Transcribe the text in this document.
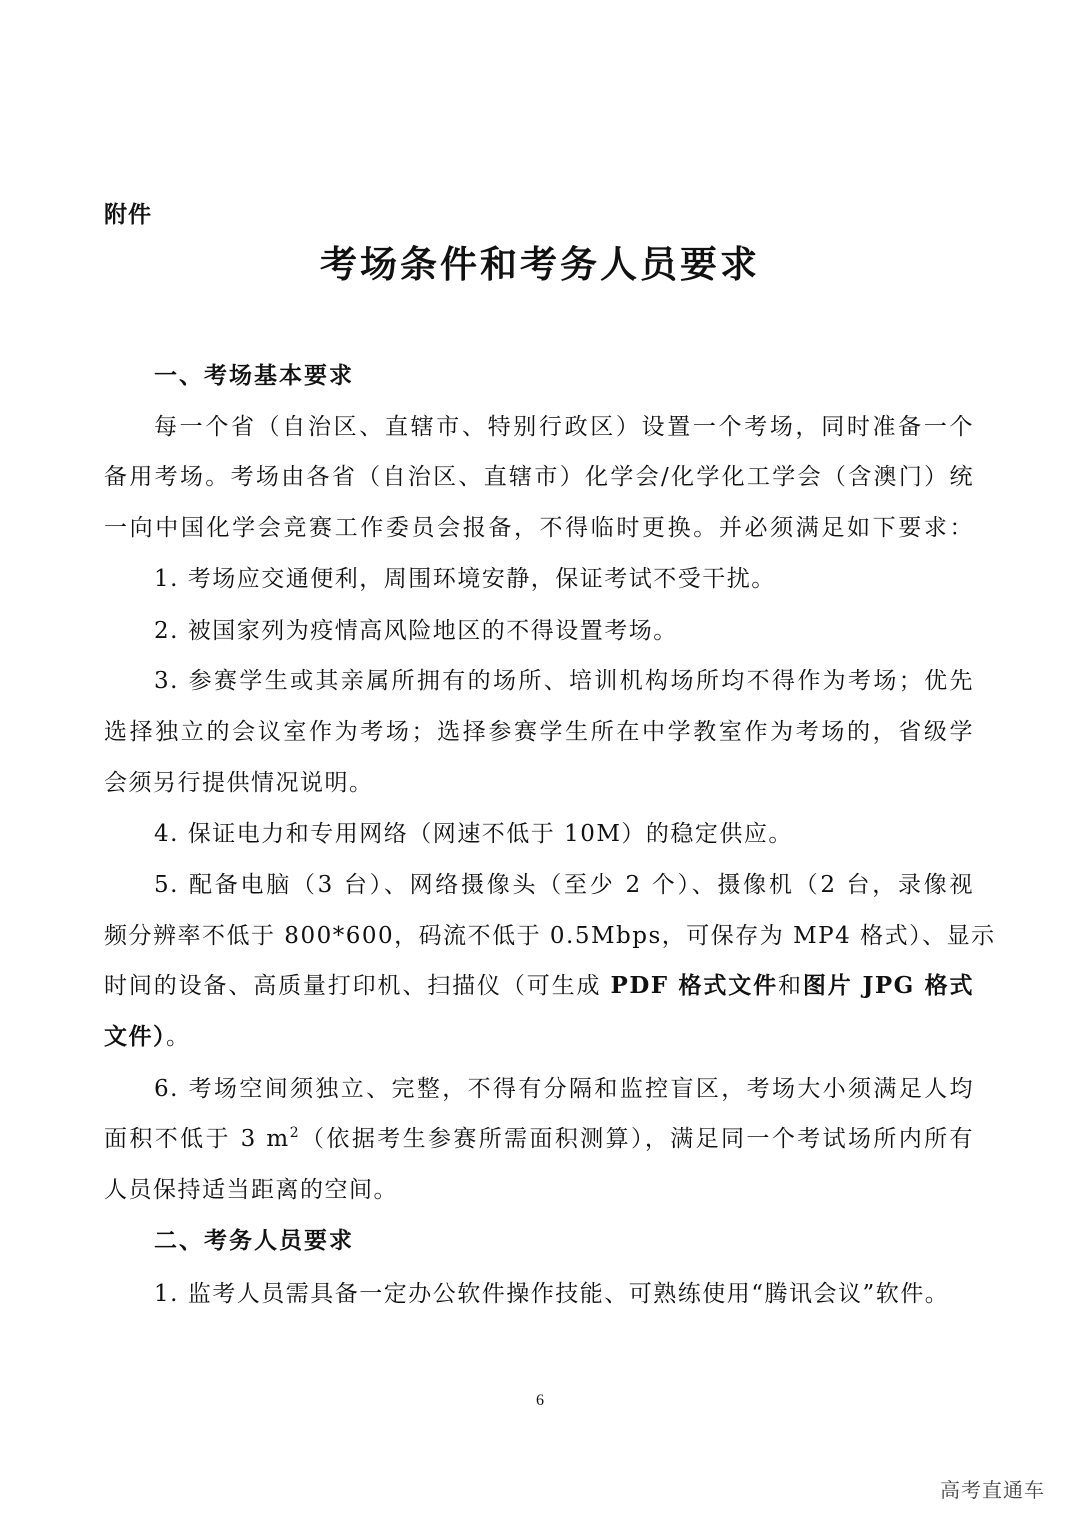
附件
考场条件和考务人员要求
一、考场基本要求
每一个省（自治区、直辖市、特别行政区）设置一个考场，同时准备一个
备用考场。考场由各省（自治区、直辖市）化学会/化学化工学会（含澳门）统
一向中国化学会竞赛工作委员会报备，不得临时更换。并必须满足如下要求：
1. 考场应交通便利，周围环境安静，保证考试不受干扰。
2. 被国家列为疫情高风险地区的不得设置考场。
3. 参赛学生或其亲属所拥有的场所、培训机构场所均不得作为考场；优先
选择独立的会议室作为考场；选择参赛学生所在中学教室作为考场的，省级学
会须另行提供情况说明。
4. 保证电力和专用网络（网速不低于 10M）的稳定供应。
5. 配备电脑（3 台）、网络摄像头（至少 2 个）、摄像机（2 台，录像视
频分辨率不低于 800*600，码流不低于 0.5Mbps，可保存为 MP4 格式）、显示
时间的设备、高质量打印机、扫描仪（可生成 PDF 格式文件和图片 JPG 格式
文件）。
6. 考场空间须独立、完整，不得有分隔和监控盲区，考场大小须满足人均
面积不低于 3 $m^2$（依据考生参赛所需面积测算），满足同一个考试场所内所有
人员保持适当距离的空间。
二、考务人员要求
1. 监考人员需具备一定办公软件操作技能、可熟练使用“腾讯会议”软件。
6
高考直通车
